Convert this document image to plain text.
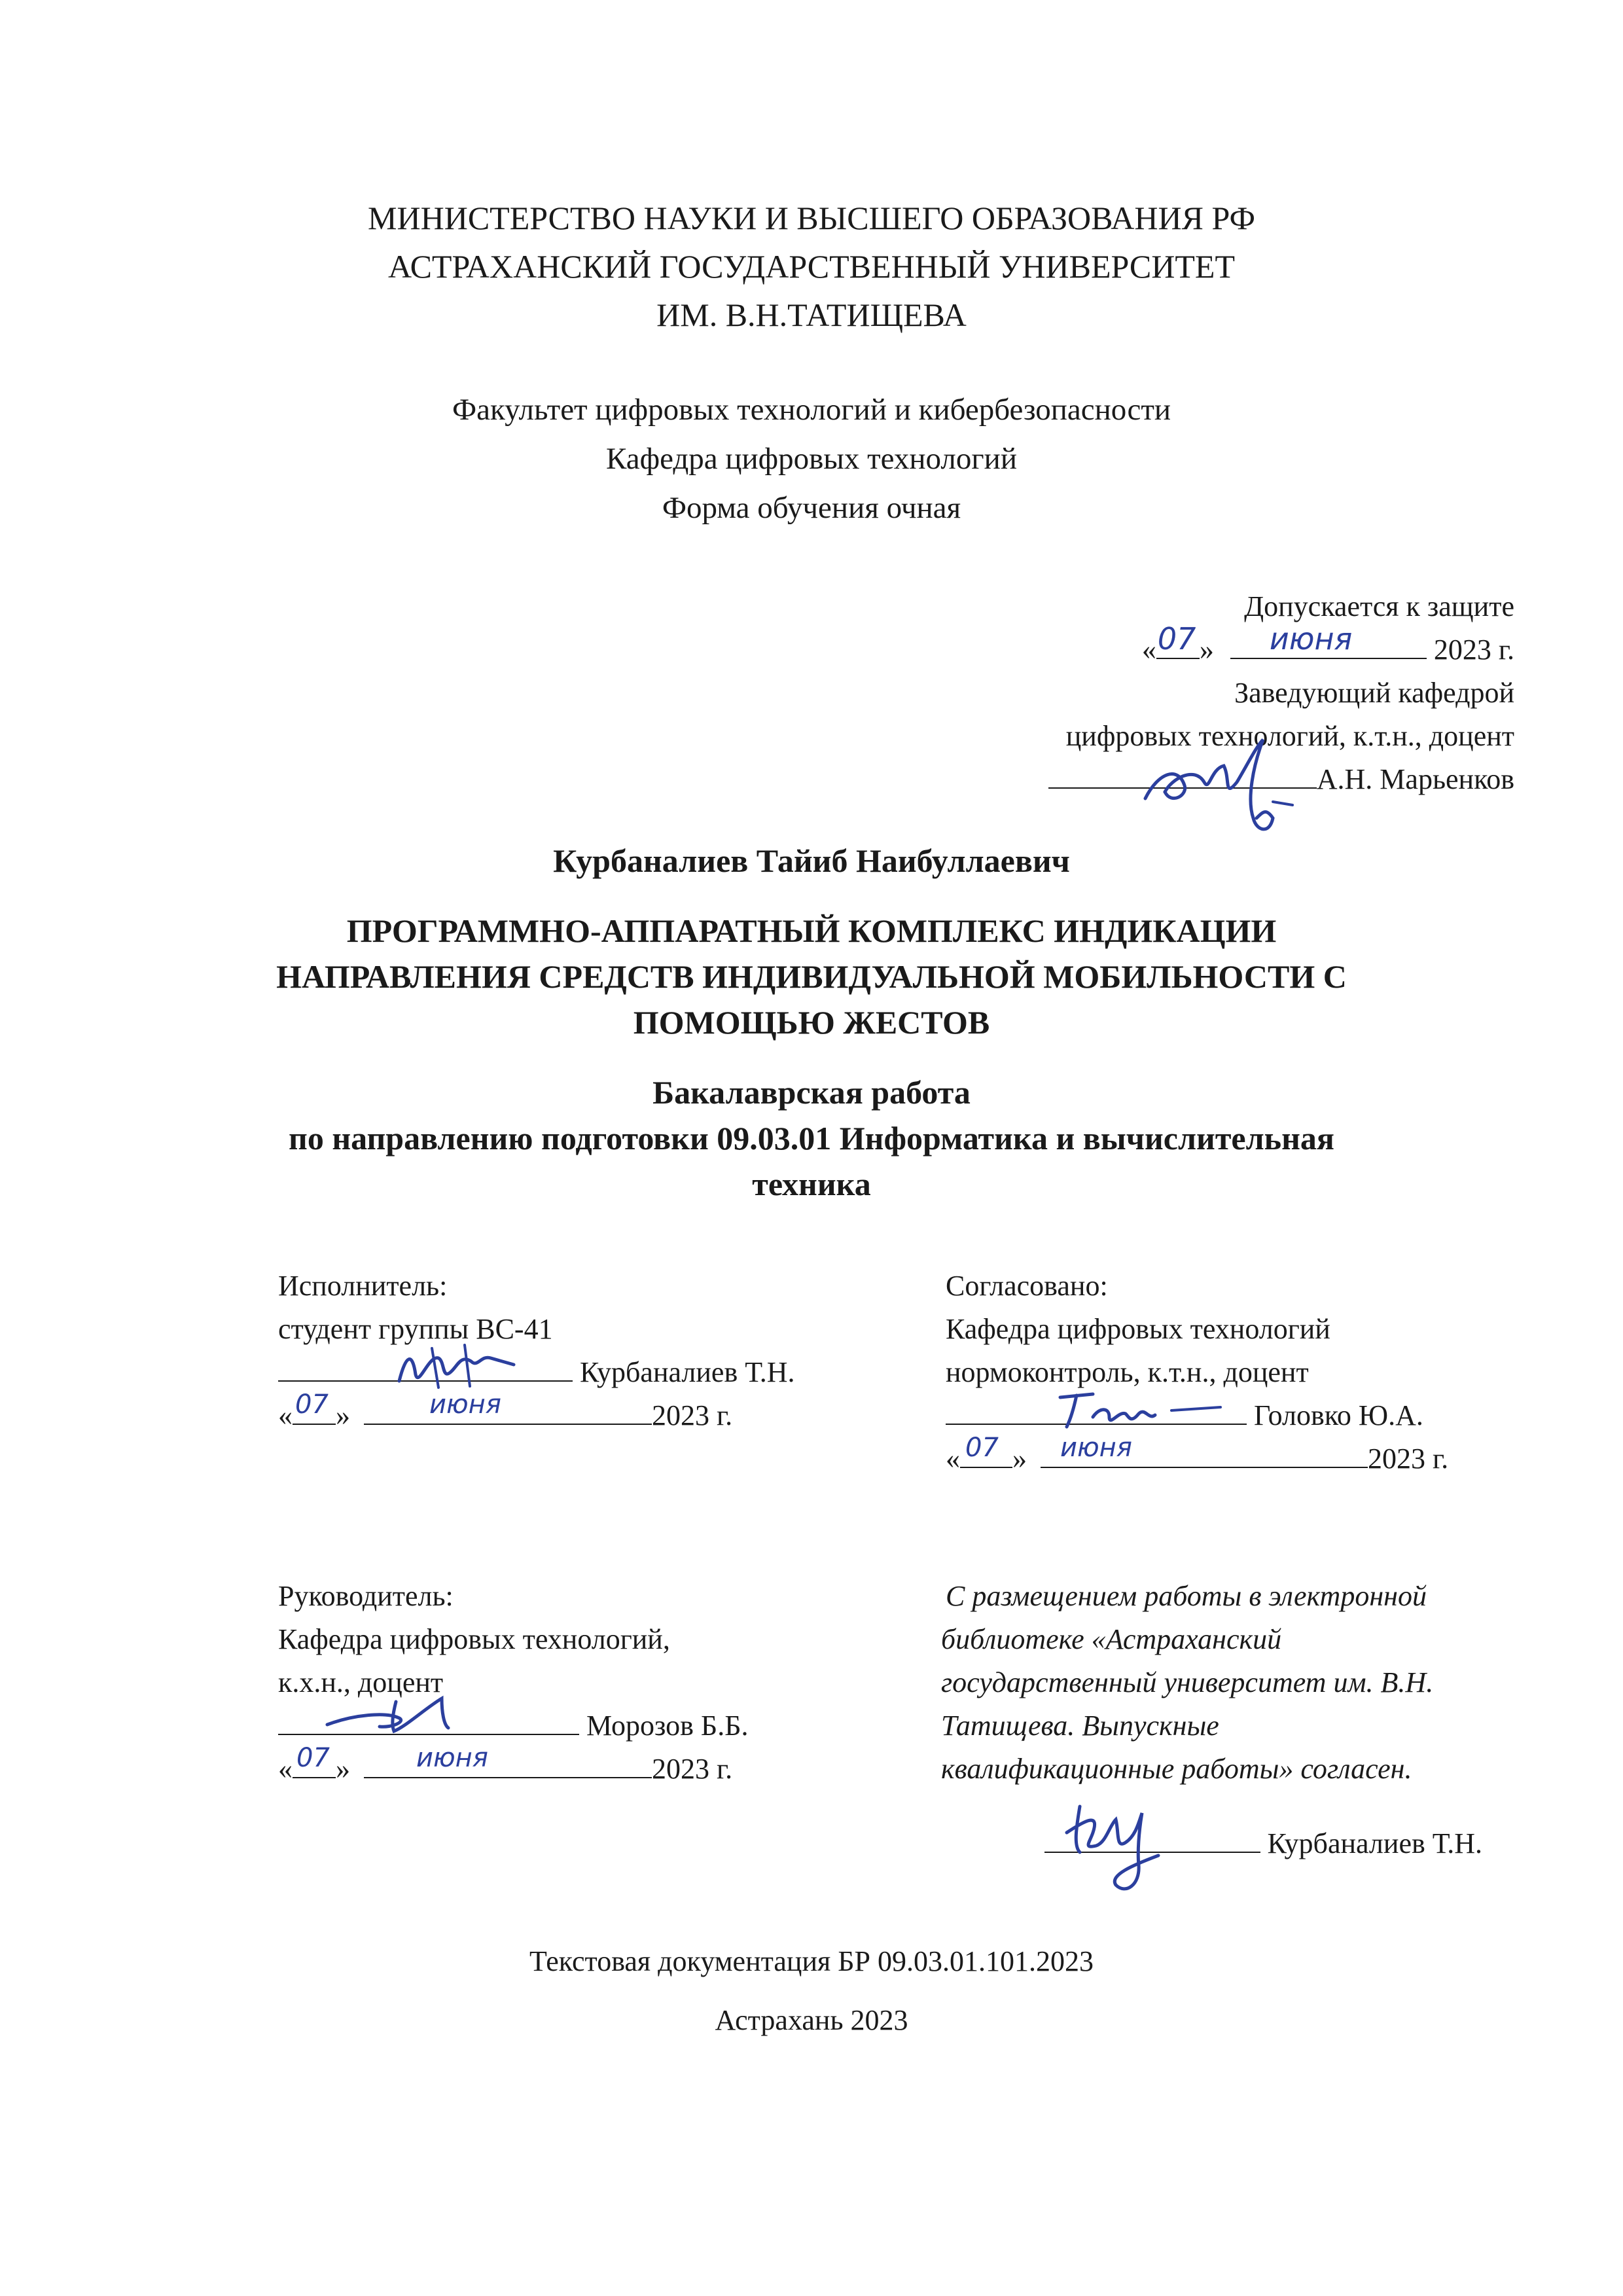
МИНИСТЕРСТВО НАУКИ И ВЫСШЕГО ОБРАЗОВАНИЯ РФ
АСТРАХАНСКИЙ ГОСУДАРСТВЕННЫЙ УНИВЕРСИТЕТ
ИМ. В.Н.ТАТИЩЕВА
Факультет цифровых технологий и кибербезопасности
Кафедра цифровых технологий
Форма обучения очная
Допускается к защите
« 07 » июня	2023 г.
Заведующий кафедрой
цифровых технологий, к.т.н., доцент
А.Н. Марьенков
Курбаналиев Тайиб Наибуллаевич
ПРОГРАММНО-АППАРАТНЫЙ КОМПЛЕКС ИНДИКАЦИИ
НАПРАВЛЕНИЯ СРЕДСТВ ИНДИВИДУАЛЬНОЙ МОБИЛЬНОСТИ С
ПОМОЩЬЮ ЖЕСТОВ
Бакалаврская работа
по направлению подготовки 09.03.01 Информатика и вычислительная
техника
Исполнитель:
студент группы ВС-41
Курбаналиев Т.Н.
« 07 »	июня	2023 г.
Согласовано:
Кафедра цифровых технологий
нормоконтроль, к.т.н., доцент
Головко Ю.А.
« 07 » июня	2023 г.
Руководитель:
Кафедра цифровых технологий,
к.х.н., доцент
Морозов Б.Б.
« 07 »	июня	2023 г.
С размещением работы в электронной
библиотеке «Астраханский
государственный университет им. В.Н.
Татищева. Выпускные
квалификационные работы» согласен.
Курбаналиев Т.Н.
Текстовая документация БР 09.03.01.101.2023
Астрахань 2023
